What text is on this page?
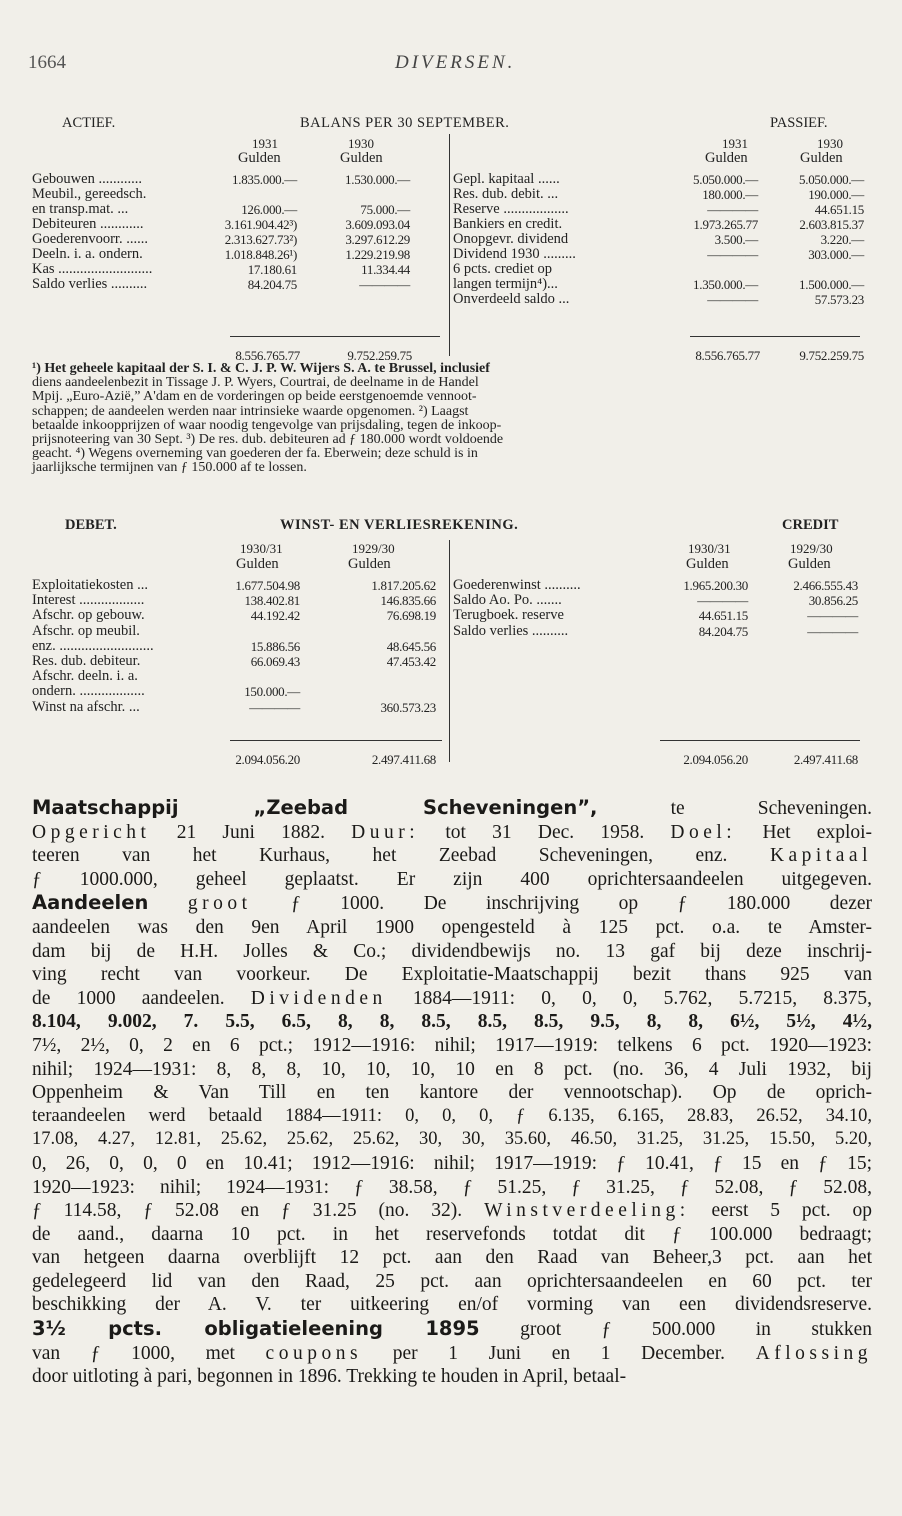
1664	DIVERSEN.
ACTIEF.	BALANS PER 30 SEPTEMBER.	PASSIEF.
1931	1930
Gulden	Gulden
1931	1930
Gulden	Gulden
Gebouwen ............	1.835.000.—	1.530.000.—
Meubil., gereedsch.
en transp.mat. ...	126.000.—	75.000.—
Debiteuren ............	3.161.904.42³)	3.609.093.04
Goederenvoorr. ......	2.313.627.73²)	3.297.612.29
Deeln. i. a. ondern.	1.018.848.26¹)	1.229.219.98
Kas ..........................	17.180.61	11.334.44
Saldo verlies ..........	84.204.75	————
Gepl. kapitaal ......	5.050.000.—	5.050.000.—
Res. dub. debit. ...	180.000.—	190.000.—
Reserve ..................	————	44.651.15
Bankiers en credit.	1.973.265.77	2.603.815.37
Onopgevr. dividend	3.500.—	3.220.—
Dividend 1930 .........	————	303.000.—
6 pcts. crediet op
langen termijn⁴)...	1.350.000.—	1.500.000.—
Onverdeeld saldo ...	————	57.573.23
8.556.765.77	9.752.259.75	8.556.765.77	9.752.259.75

¹) Het geheele kapitaal der S. I. & C. J. P. W. Wijers S. A. te Brussel, inclusief

diens aandeelenbezit in Tissage J. P. Wyers, Courtrai, de deelname in de Handel

Mpij. „Euro-Azië,” A'dam en de vorderingen op beide eerstgenoemde vennoot-

schappen; de aandeelen werden naar intrinsieke waarde opgenomen. ²) Laagst

betaalde inkoopprijzen of waar noodig tengevolge van prijsdaling, tegen de inkoop-

prijsnoteering van 30 Sept. ³) De res. dub. debiteuren ad ƒ 180.000 wordt voldoende

geacht. ⁴) Wegens overneming van goederen der fa. Eberwein; deze schuld is in

jaarlijksche termijnen van ƒ 150.000 af te lossen.

DEBET.	WINST- EN VERLIESREKENING.	CREDIT
1930/31	1929/30
Gulden	Gulden
1930/31	1929/30
Gulden	Gulden
Exploitatiekosten ...	1.677.504.98	1.817.205.62
Interest ..................	138.402.81	146.835.66
Afschr. op gebouw.	44.192.42	76.698.19
Afschr. op meubil.
enz. ..........................	15.886.56	48.645.56
Res. dub. debiteur.	66.069.43	47.453.42
Afschr. deeln. i. a.
ondern. ..................	150.000.—
Winst na afschr. ...	————	360.573.23
Goederenwinst ..........	1.965.200.30	2.466.555.43
Saldo Ao. Po. .......	————	30.856.25
Terugboek. reserve	44.651.15	————
Saldo verlies ..........	84.204.75	————
2.094.056.20	2.497.411.68	2.094.056.20	2.497.411.68

Maatschappij „Zeebad Scheveningen”,	te Scheveningen.

Opgericht 21 Juni 1882. Duur: tot 31 Dec. 1958. Doel: Het exploi-

teeren van het Kurhaus, het Zeebad Scheveningen, enz. Kapitaal

ƒ 1000.000, geheel geplaatst. Er zijn 400 oprichtersaandeelen uitgegeven.

Aandeelen groot ƒ 1000. De inschrijving op ƒ 180.000 dezer

aandeelen was den 9en April 1900 opengesteld à 125 pct. o.a. te Amster-

dam bij de H.H. Jolles & Co.; dividendbewijs no. 13 gaf bij deze inschrij-

ving recht van voorkeur. De Exploitatie-Maatschappij bezit thans 925 van

de 1000 aandeelen. Dividenden 1884—1911: 0, 0, 0, 5.762, 5.7215, 8.375,

8.104, 9.002, 7. 5.5, 6.5, 8, 8, 8.5, 8.5, 8.5, 9.5, 8, 8, 6½, 5½, 4½,

7½, 2½, 0, 2 en 6 pct.; 1912—1916: nihil; 1917—1919: telkens 6 pct. 1920—1923:

nihil; 1924—1931: 8, 8, 8, 10, 10, 10, 10 en 8 pct. (no. 36, 4 Juli 1932, bij

Oppenheim & Van Till en ten kantore der vennootschap). Op de oprich-

teraandeelen werd betaald 1884—1911: 0, 0, 0, ƒ 6.135, 6.165, 28.83, 26.52, 34.10,

17.08, 4.27, 12.81, 25.62, 25.62, 25.62, 30, 30, 35.60, 46.50, 31.25, 31.25, 15.50, 5.20,

0, 26, 0, 0, 0 en 10.41; 1912—1916: nihil; 1917—1919: ƒ 10.41, ƒ 15 en ƒ 15;

1920—1923: nihil; 1924—1931: ƒ 38.58, ƒ 51.25, ƒ 31.25, ƒ 52.08, ƒ 52.08,

ƒ 114.58, ƒ 52.08 en ƒ 31.25 (no. 32). Winstverdeeling: eerst 5 pct. op

de aand., daarna 10 pct. in het reservefonds totdat dit ƒ 100.000 bedraagt;

van hetgeen daarna overblijft 12 pct. aan den Raad van Beheer,3 pct. aan het

gedelegeerd lid van den Raad, 25 pct. aan oprichtersaandeelen en 60 pct. ter

beschikking der A. V. ter uitkeering en/of vorming van een dividendsreserve.

3½ pcts. obligatieleening 1895 groot ƒ 500.000 in stukken

van ƒ 1000, met coupons per 1 Juni en 1 December. Aflossing

door uitloting à pari, begonnen in 1896. Trekking te houden in April, betaal-
